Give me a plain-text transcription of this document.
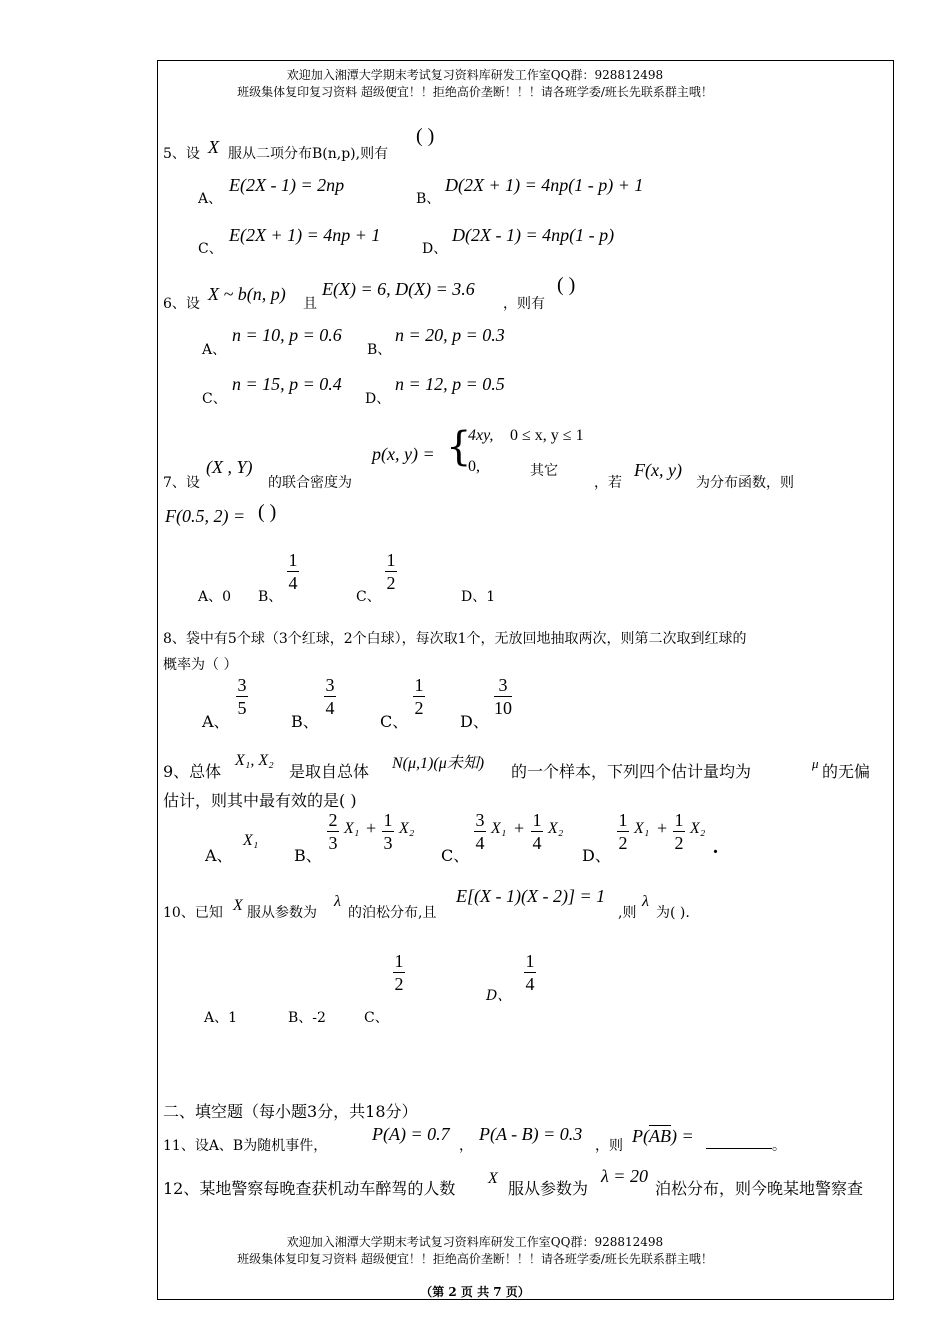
欢迎加入湘潭大学期末考试复习资料库研发工作室QQ群：928812498
班级集体复印复习资料 超级便宜！！拒绝高价垄断！！！请各班学委/班长先联系群主哦！
5、设 X 服从二项分布B(n,p),则有
( )
A、
E(2X - 1) = 2np
B、
D(2X + 1) = 4np(1 - p) + 1
C、
E(2X + 1) = 4np + 1
D、
D(2X - 1) = 4np(1 - p)
6、设 X ~ b(n, p) 且
E(X) = 6, D(X) = 3.6
，则有
( )
A、
n = 10, p = 0.6
B、
n = 20, p = 0.3
C、
n = 15, p = 0.4
D、
n = 12, p = 0.5
7、设
(X , Y)
的联合密度为
p(x, y) = {
4xy, 0 ≤ x, y ≤ 1
0,	其它
，若
F(x, y)
为分布函数，则
F(0.5, 2) = ( )
A、0 B、
1
4
C、
1
2
D、1
8、袋中有5个球（3个红球，2个白球），每次取1个，无放回地抽取两次，则第二次取到红球的
概率为（ ）
A、
3
5
B、
3
4
C、
1
2
D、
3
10
9、总体
X₁, X₂
是取自总体 N(μ,1)(μ未知) 的一个样本，下列四个估计量均为	μ 的无偏
估计，则其中最有效的是( )
A、
X₁
B、
2
3
X₁ + 1
3
X₂
C、
3
4
X₁ + 1
4
X₂
D、
1
2
X₁ + 1
2
X₂
.
10、已知 X 服从参数为
λ
的泊松分布,且
E[(X - 1)(X - 2)] = 1
,则
λ
为( ).
A、1	B、-2	C、
1
2
D、
1
4
二、填空题（每小题3分，共18分）
11、设A、B为随机事件，
P(A) = 0.7
，
P(A - B) = 0.3
，则 $P(\overline{AB})$ =	。
12、某地警察每晚查获机动车醉驾的人数
X
服从参数为
λ = 20
泊松分布，则今晚某地警察查
欢迎加入湘潭大学期末考试复习资料库研发工作室QQ群：928812498
班级集体复印复习资料 超级便宜！！拒绝高价垄断！！！请各班学委/班长先联系群主哦！
（第 2 页 共 7 页）
